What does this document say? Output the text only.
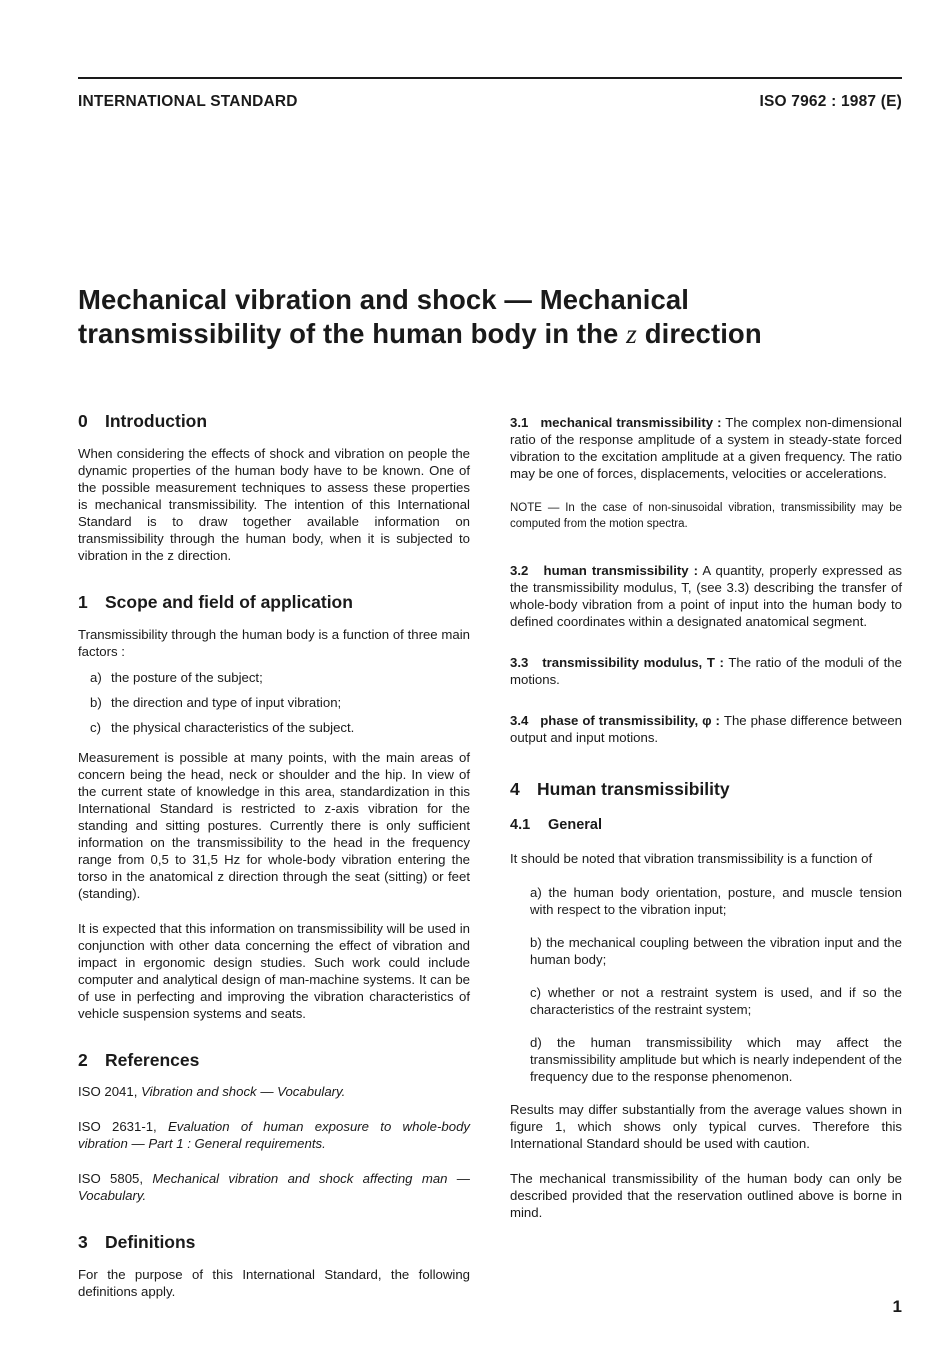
INTERNATIONAL STANDARD	ISO 7962 : 1987 (E)
Mechanical vibration and shock — Mechanical
transmissibility of the human body in the z direction
0 Introduction

When considering the effects of shock and vibration on people the dynamic properties of the human body have to be known. One of the possible measurement techniques to assess these properties is mechanical transmissibility. The intention of this International Standard is to draw together available information on transmissibility through the human body, when it is subjected to vibration in the z direction.

1 Scope and field of application

Transmissibility through the human body is a function of three main factors :

a) the posture of the subject;

b) the direction and type of input vibration;

c) the physical characteristics of the subject.

Measurement is possible at many points, with the main areas of concern being the head, neck or shoulder and the hip. In view of the current state of knowledge in this area, standardization in this International Standard is restricted to z-axis vibration for the standing and sitting postures. Currently there is only sufficient information on the transmissibility to the head in the frequency range from 0,5 to 31,5 Hz for whole-body vibration entering the torso in the anatomical z direction through the seat (sitting) or feet (standing).

It is expected that this information on transmissibility will be used in conjunction with other data concerning the effect of vibration and impact in ergonomic design studies. Such work could include computer and analytical design of man-machine systems. It can be of use in perfecting and improving the vibration characteristics of vehicle suspension systems and seats.

2 References

ISO 2041, Vibration and shock — Vocabulary.

ISO 2631-1, Evaluation of human exposure to whole-body vibration — Part 1 : General requirements.

ISO 5805, Mechanical vibration and shock affecting man — Vocabulary.

3 Definitions

For the purpose of this International Standard, the following definitions apply.

3.1 mechanical transmissibility : The complex non-dimensional ratio of the response amplitude of a system in steady-state forced vibration to the excitation amplitude at a given frequency. The ratio may be one of forces, displacements, velocities or accelerations.

NOTE — In the case of non-sinusoidal vibration, transmissibility may be computed from the motion spectra.

3.2 human transmissibility : A quantity, properly expressed as the transmissibility modulus, T, (see 3.3) describing the transfer of whole-body vibration from a point of input into the human body to defined coordinates within a designated anatomical segment.

3.3 transmissibility modulus, T : The ratio of the moduli of the motions.

3.4 phase of transmissibility, φ : The phase difference between output and input motions.

4 Human transmissibility
4.1 General

It should be noted that vibration transmissibility is a function of

a) the human body orientation, posture, and muscle tension with respect to the vibration input;

b) the mechanical coupling between the vibration input and the human body;

c) whether or not a restraint system is used, and if so the characteristics of the restraint system;

d) the human transmissibility which may affect the transmissibility amplitude but which is nearly independent of the frequency due to the response phenomenon.

Results may differ substantially from the average values shown in figure 1, which shows only typical curves. Therefore this International Standard should be used with caution.

The mechanical transmissibility of the human body can only be described provided that the reservation outlined above is borne in mind.

1
